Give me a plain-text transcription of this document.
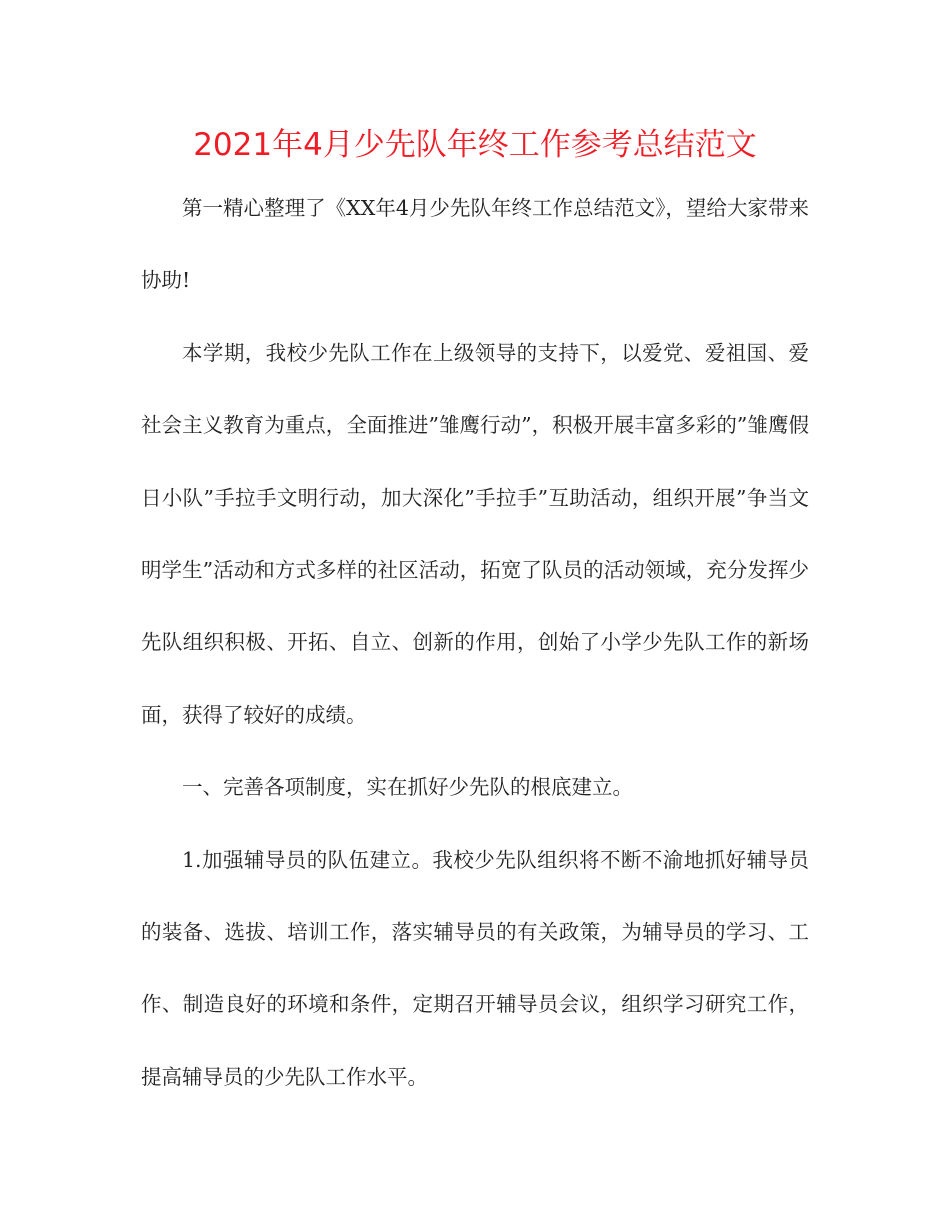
2021年4月少先队年终工作参考总结范文

第一精心整理了《XX年4月少先队年终工作总结范文》，望给大家带来协助!

本学期，我校少先队工作在上级领导的支持下，以爱党、爱祖国、爱社会主义教育为重点，全面推进”雏鹰行动”，积极开展丰富多彩的”雏鹰假日小队”手拉手文明行动，加大深化”手拉手”互助活动，组织开展”争当文明学生”活动和方式多样的社区活动，拓宽了队员的活动领域，充分发挥少先队组织积极、开拓、自立、创新的作用，创始了小学少先队工作的新场面，获得了较好的成绩。

一、完善各项制度，实在抓好少先队的根底建立。

1.加强辅导员的队伍建立。我校少先队组织将不断不渝地抓好辅导员的装备、选拔、培训工作，落实辅导员的有关政策，为辅导员的学习、工作、制造良好的环境和条件，定期召开辅导员会议，组织学习研究工作，提高辅导员的少先队工作水平。
